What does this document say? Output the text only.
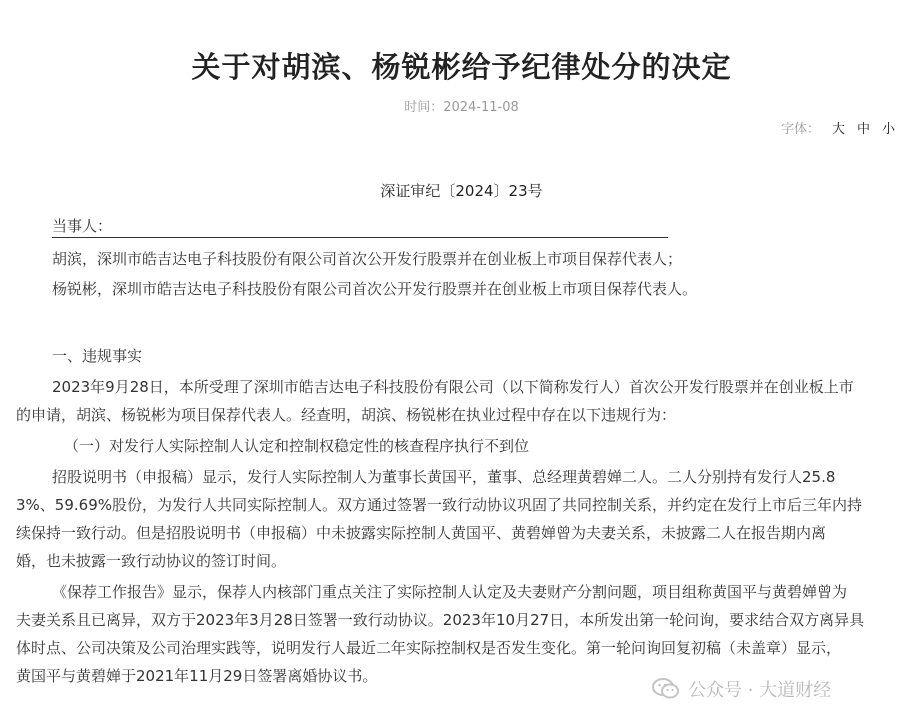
关于对胡滨、杨锐彬给予纪律处分的决定
时间：2024-11-08
字体： 大 中 小
深证审纪〔2024〕23号
当事人：

胡滨，深圳市皓吉达电子科技股份有限公司首次公开发行股票并在创业板上市项目保荐代表人；

杨锐彬，深圳市皓吉达电子科技股份有限公司首次公开发行股票并在创业板上市项目保荐代表人。

一、违规事实

2023年9月28日，本所受理了深圳市皓吉达电子科技股份有限公司（以下简称发行人）首次公开发行股票并在创业板上市
的申请，胡滨、杨锐彬为项目保荐代表人。经查明，胡滨、杨锐彬在执业过程中存在以下违规行为：

（一）对发行人实际控制人认定和控制权稳定性的核查程序执行不到位

招股说明书（申报稿）显示，发行人实际控制人为董事长黄国平，董事、总经理黄碧婵二人。二人分别持有发行人25.8
3%、59.69%股份，为发行人共同实际控制人。双方通过签署一致行动协议巩固了共同控制关系，并约定在发行上市后三年内持
续保持一致行动。但是招股说明书（申报稿）中未披露实际控制人黄国平、黄碧婵曾为夫妻关系，未披露二人在报告期内离
婚，也未披露一致行动协议的签订时间。
《保荐工作报告》显示，保荐人内核部门重点关注了实际控制人认定及夫妻财产分割问题，项目组称黄国平与黄碧婵曾为
夫妻关系且已离异，双方于2023年3月28日签署一致行动协议。2023年10月27日，本所发出第一轮问询，要求结合双方离异具
体时点、公司决策及公司治理实践等，说明发行人最近二年实际控制权是否发生变化。第一轮问询回复初稿（未盖章）显示，
黄国平与黄碧婵于2021年11月29日签署离婚协议书。
公众号 · 大道财经
